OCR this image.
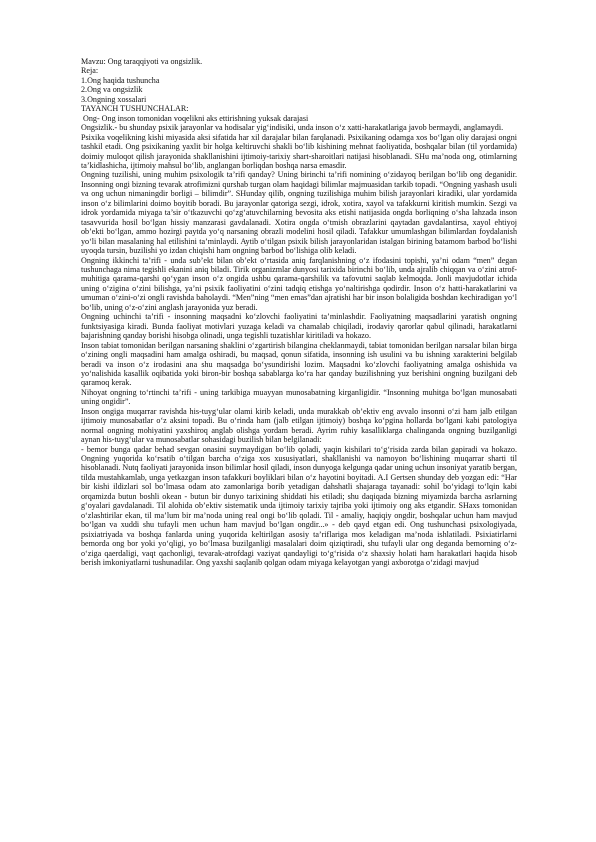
Mavzu: Ong taraqqiyoti va ongsizlik.

Reja:

1.Ong haqida tushuncha

2.Ong va ongsizlik

3.Ongning xossalari

TAYANCH TUSHUNCHALAR:

Ong- Ong inson tomonidan voqelikni aks ettirishning yuksak darajasi

Ongsizlik.- bu shunday psixik jarayonlar va hodisalar yig‘indisiki, unda inson o‘z xatti-harakatlariga javob bermaydi, anglamaydi.

Psixika voqelikning kishi miyasida aksi sifatida har xil darajalar bilan farqlanadi. Psixikaning odamga xos bo‘lgan oliy darajasi ongni tashkil etadi. Ong psixikaning yaxlit bir holga keltiruvchi shakli bo‘lib kishining mehnat faoliyatida, boshqalar bilan (til yordamida) doimiy muloqot qilish jarayonida shakllanishini ijtimoiy-tarixiy shart-sharoitlari natijasi hisoblanadi. SHu ma’noda ong, otimlarning ta’kidlashicha, ijtimoiy mahsul bo‘lib, anglangan borliqdan boshqa narsa emasdir.

Ongning tuzilishi, uning muhim psixologik ta’rifi qanday? Uning birinchi ta’rifi nomining o‘zidayoq berilgan bo‘lib ong deganidir. Insonning ongi bizning tevarak atrofimizni qurshab turgan olam haqidagi bilimlar majmuasidan tarkib topadi. “Ongning yashash usuli va ong uchun nimaningdir borligi – bilimdir”. SHunday qilib, ongning tuzilishiga muhim bilish jarayonlari kiradiki, ular yordamida inson o‘z bilimlarini doimo boyitib boradi. Bu jarayonlar qatoriga sezgi, idrok, xotira, xayol va tafakkurni kiritish mumkin. Sezgi va idrok yordamida miyaga ta’sir o‘tkazuvchi qo‘zg‘atuvchilarning bevosita aks etishi natijasida ongda borliqning o‘sha lahzada inson tasavvurida hosil bo‘lgan hissiy manzarasi gavdalanadi. Xotira ongda o‘tmish obrazlarini qaytadan gavdalantirsa, xayol ehtiyoj ob’ekti bo‘lgan, ammo hozirgi paytda yo‘q narsaning obrazli modelini hosil qiladi. Tafakkur umumlashgan bilimlardan foydalanish yo‘li bilan masalaning hal etilishini ta’minlaydi. Aytib o‘tilgan psixik bilish jarayonlaridan istalgan birining batamom barbod bo‘lishi uyoqda tursin, buzilishi yo izdan chiqishi ham ongning barbod bo‘lishiga olib keladi.

Ongning ikkinchi ta’rifi - unda sub’ekt bilan ob’ekt o‘rtasida aniq farqlanishning o‘z ifodasini topishi, ya’ni odam “men” degan tushunchaga nima tegishli ekanini aniq biladi. Tirik organizmlar dunyosi tarixida birinchi bo‘lib, unda ajralib chiqqan va o‘zini atrof-muhitiga qarama-qarshi qo‘ygan inson o‘z ongida ushbu qarama-qarshilik va tafovutni saqlab kelmoqda. Jonli mavjudotlar ichida uning o‘zigina o‘zini bilishga, ya’ni psixik faoliyatini o‘zini tadqiq etishga yo‘naltirishga qodirdir. Inson o‘z hatti-harakatlarini va umuman o‘zini-o‘zi ongli ravishda baholaydi. “Men”ning “men emas”dan ajratishi har bir inson bolaligida boshdan kechiradigan yo‘l bo‘lib, uning o‘z-o‘zini anglash jarayonida yuz beradi.

Ongning uchinchi ta’rifi - insonning maqsadni ko‘zlovchi faoliyatini ta’minlashdir. Faoliyatning maqsadlarini yaratish ongning funktsiyasiga kiradi. Bunda faoliyat motivlari yuzaga keladi va chamalab chiqiladi, irodaviy qarorlar qabul qilinadi, harakatlarni bajarishning qanday borishi hisobga olinadi, unga tegishli tuzatishlar kiritiladi va hokazo.

Inson tabiat tomonidan berilgan narsaning shaklini o‘zgartirish bilangina cheklanmaydi, tabiat tomonidan berilgan narsalar bilan birga o‘zining ongli maqsadini ham amalga oshiradi, bu maqsad, qonun sifatida, insonning ish usulini va bu ishning xarakterini belgilab beradi va inson o‘z irodasini ana shu maqsadga bo‘ysundirishi lozim. Maqsadni ko‘zlovchi faoliyatning amalga oshishida va yo‘nalishida kasallik oqibatida yoki biron-bir boshqa sabablarga ko‘ra har qanday buzilishning yuz berishini ongning buzilgani deb qaramoq kerak.

Nihoyat ongning to‘rtinchi ta’rifi - uning tarkibiga muayyan munosabatning kirganligidir. “Insonning muhitga bo‘lgan munosabati uning ongidir”.

Inson ongiga muqarrar ravishda his-tuyg‘ular olami kirib keladi, unda murakkab ob’ektiv eng avvalo insonni o‘zi ham jalb etilgan ijtimoiy munosabatlar o‘z aksini topadi. Bu o‘rinda ham (jalb etilgan ijtimoiy) boshqa ko‘pgina hollarda bo‘lgani kabi patologiya normal ongning mohiyatini yaxshiroq anglab olishga yordam beradi. Ayrim ruhiy kasalliklarga chalinganda ongning buzilganligi aynan his-tuyg‘ular va munosabatlar sohasidagi buzilish bilan belgilanadi:

- bemor bunga qadar behad sevgan onasini suymaydigan bo‘lib qoladi, yaqin kishilari to‘g‘risida zarda bilan gapiradi va hokazo. Ongning yuqorida ko‘rsatib o‘tilgan barcha o‘ziga xos xususiyatlari, shakllanishi va namoyon bo‘lishining muqarrar sharti til hisoblanadi. Nutq faoliyati jarayonida inson bilimlar hosil qiladi, inson dunyoga kelgunga qadar uning uchun insoniyat yaratib bergan, tilda mustahkamlab, unga yetkazgan inson tafakkuri boyliklari bilan o‘z hayotini boyitadi. A.I Gertsen shunday deb yozgan edi: “Har bir kishi ildizlari sol bo‘lmasa odam ato zamonlariga borib yetadigan dahshatli shajaraga tayanadi: sohil bo‘yidagi to‘lqin kabi orqamizda butun boshli okean - butun bir dunyo tarixining shiddati his etiladi; shu daqiqada bizning miyamizda barcha asrlarning g‘oyalari gavdalanadi. Til alohida ob’ektiv sistematik unda ijtimoiy tarixiy tajriba yoki ijtimoiy ong aks etgandir. SHaxs tomonidan o‘zlashtirilar ekan, til ma’lum bir ma’noda uning real ongi bo‘lib qoladi. Til - amaliy, haqiqiy ongdir, boshqalar uchun ham mavjud bo‘lgan va xuddi shu tufayli men uchun ham mavjud bo‘lgan ongdir...» - deb qayd etgan edi. Ong tushunchasi psixologiyada, psixiatriyada va boshqa fanlarda uning yuqorida keltirilgan asosiy ta’riflariga mos keladigan ma’noda ishlatiladi. Psixiatirlarni bemorda ong bor yoki yo‘qligi, yo bo‘lmasa buzilganligi masalalari doim qiziqtiradi, shu tufayli ular ong deganda bemorning o‘z-o‘ziga qaerdaligi, vaqt qachonligi, tevarak-atrofdagi vaziyat qandayligi to‘g‘risida o‘z shaxsiy holati ham harakatlari haqida hisob berish imkoniyatlarni tushunadilar. Ong yaxshi saqlanib qolgan odam miyaga kelayotgan yangi axborotga o‘zidagi mavjud
